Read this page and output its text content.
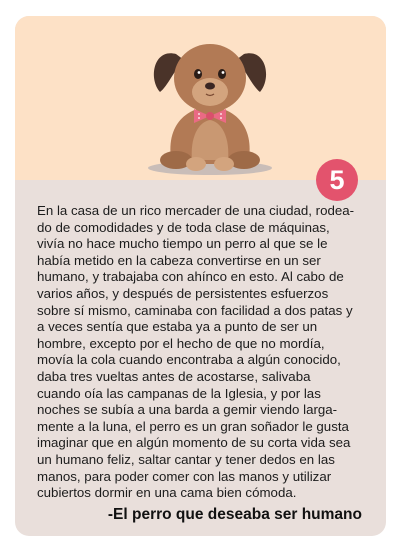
5

En la casa de un rico mercader de una ciudad, rodea-
do de comodidades y de toda clase de máquinas,
vivía no hace mucho tiempo un perro al que se le
había metido en la cabeza convertirse en un ser
humano, y trabajaba con ahínco en esto. Al cabo de
varios años, y después de persistentes esfuerzos
sobre sí mismo, caminaba con facilidad a dos patas y
a veces sentía que estaba ya a punto de ser un
hombre, excepto por el hecho de que no mordía,
movía la cola cuando encontraba a algún conocido,
daba tres vueltas antes de acostarse, salivaba
cuando oía las campanas de la Iglesia, y por las
noches se subía a una barda a gemir viendo larga-
mente a la luna, el perro es un gran soñador le gusta
imaginar que en algún momento de su corta vida sea
un humano feliz, saltar cantar y tener dedos en las
manos, para poder comer con las manos y utilizar
cubiertos dormir en una cama bien cómoda.

-El perro que deseaba ser humano
